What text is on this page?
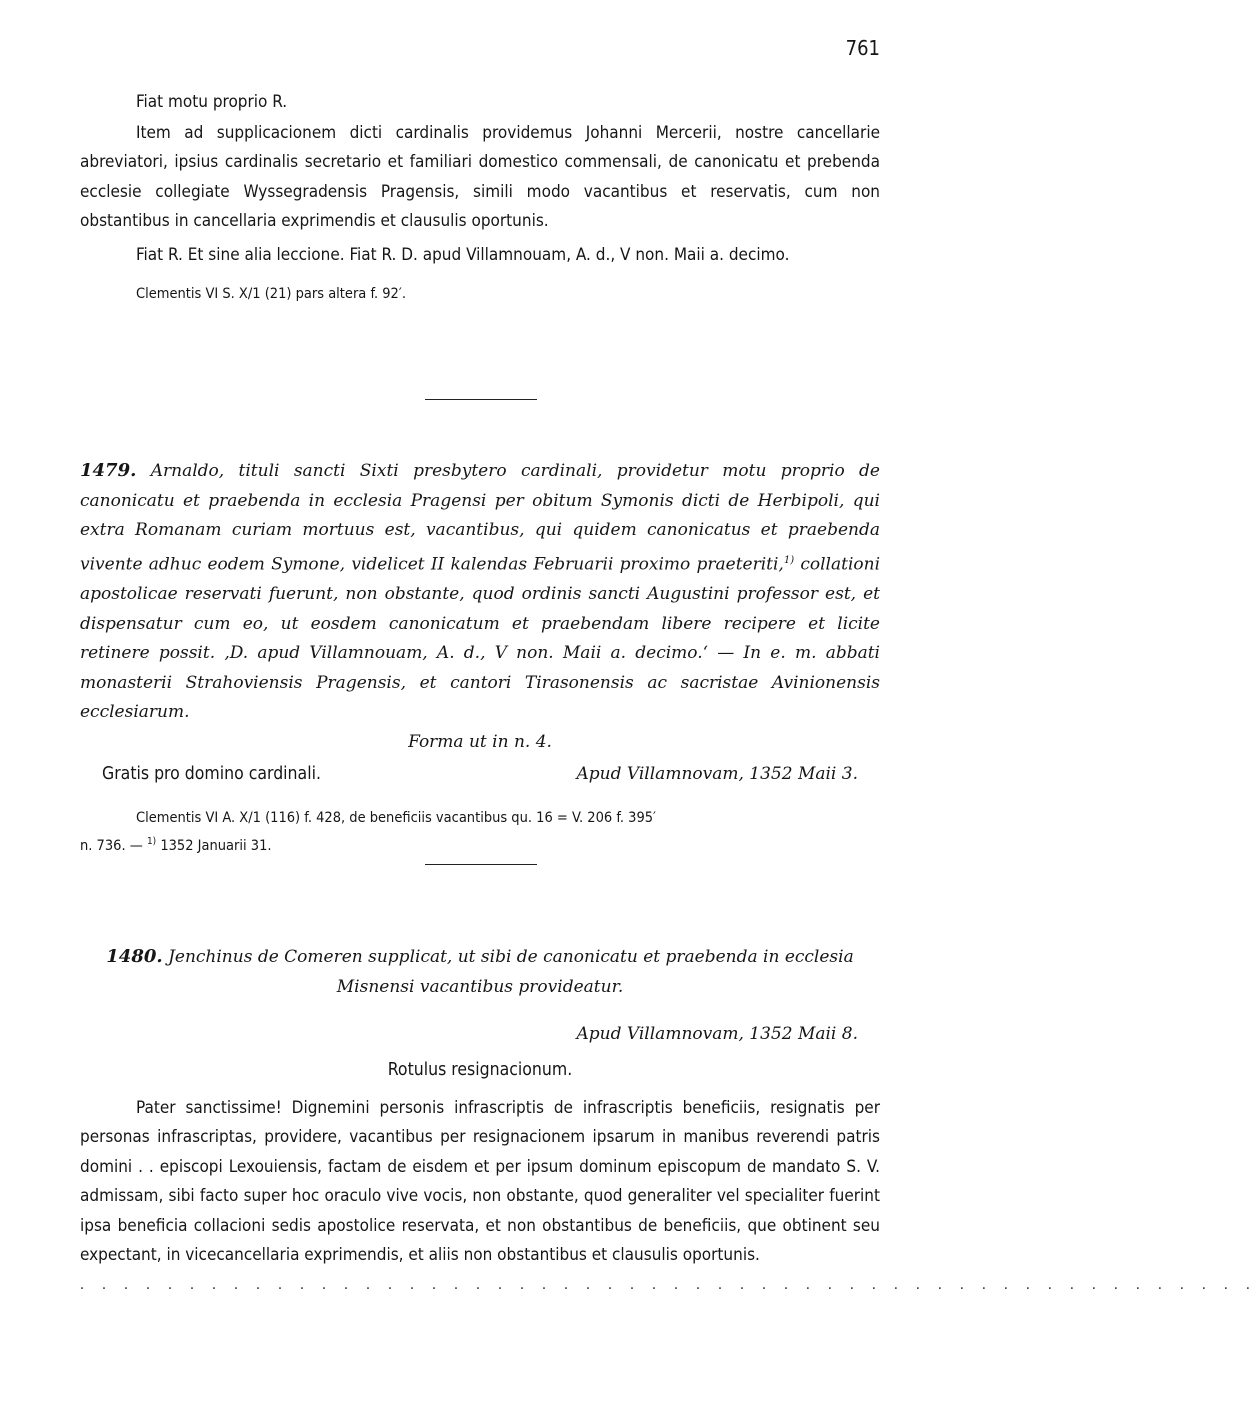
761

Fiat motu proprio R.

Item ad supplicacionem dicti cardinalis providemus Johanni Mercerii, nostre cancellarie abreviatori, ipsius cardinalis secretario et familiari domestico commensali, de canonicatu et prebenda ecclesie collegiate Wyssegradensis Pragensis, simili modo vacantibus et reservatis, cum non obstantibus in cancellaria exprimendis et clausulis oportunis.

Fiat R. Et sine alia leccione. Fiat R. D. apud Villamnouam, A. d., V non. Maii a. decimo.

Clementis VI S. X/1 (21) pars altera f. 92′.

1479. Arnaldo, tituli sancti Sixti presbytero cardinali, providetur motu proprio de canonicatu et praebenda in ecclesia Pragensi per obitum Symonis dicti de Herbipoli, qui extra Romanam curiam mortuus est, vacantibus, qui quidem canonicatus et praebenda vivente adhuc eodem Symone, videlicet II kalendas Februarii proximo praeteriti,$^{1)}$ collationi apostolicae reservati fuerunt, non obstante, quod ordinis sancti Augustini professor est, et dispensatur cum eo, ut eosdem canonicatum et praebendam libere recipere et licite retinere possit. ‚D. apud Villamnouam, A. d., V non. Maii a. decimo.‘ — In e. m. abbati monasterii Strahoviensis Pragensis, et cantori Tirasonensis ac sacristae Avinionensis ecclesiarum.

Forma ut in n. 4.

Gratis pro domino cardinali.	Apud Villamnovam, 1352 Maii 3.

Clementis VI A. X/1 (116) f. 428, de beneficiis vacantibus qu. 16 = V. 206 f. 395′

n. 736. — $^{1)}$ 1352 Januarii 31.

1480. Jenchinus de Comeren supplicat, ut sibi de canonicatu et praebenda in ecclesia Misnensi vacantibus provideatur.

Apud Villamnovam, 1352 Maii 8.

Rotulus resignacionum.

Pater sanctissime! Dignemini personis infrascriptis de infrascriptis beneficiis, resignatis per personas infrascriptas, providere, vacantibus per resignacionem ipsarum in manibus reverendi patris domini . . episcopi Lexouiensis, factam de eisdem et per ipsum dominum episcopum de mandato S. V. admissam, sibi facto super hoc oraculo vive vocis, non obstante, quod generaliter vel specialiter fuerint ipsa beneficia collacioni sedis apostolice reservata, et non obstantibus de beneficiis, que obtinent seu expectant, in vicecancellaria exprimendis, et aliis non obstantibus et clausulis oportunis.

. . . . . . . . . . . . . . . . . . . . . . . . . . . . . . . . . . . . . . . . . . . . . . . . . . . . . .
